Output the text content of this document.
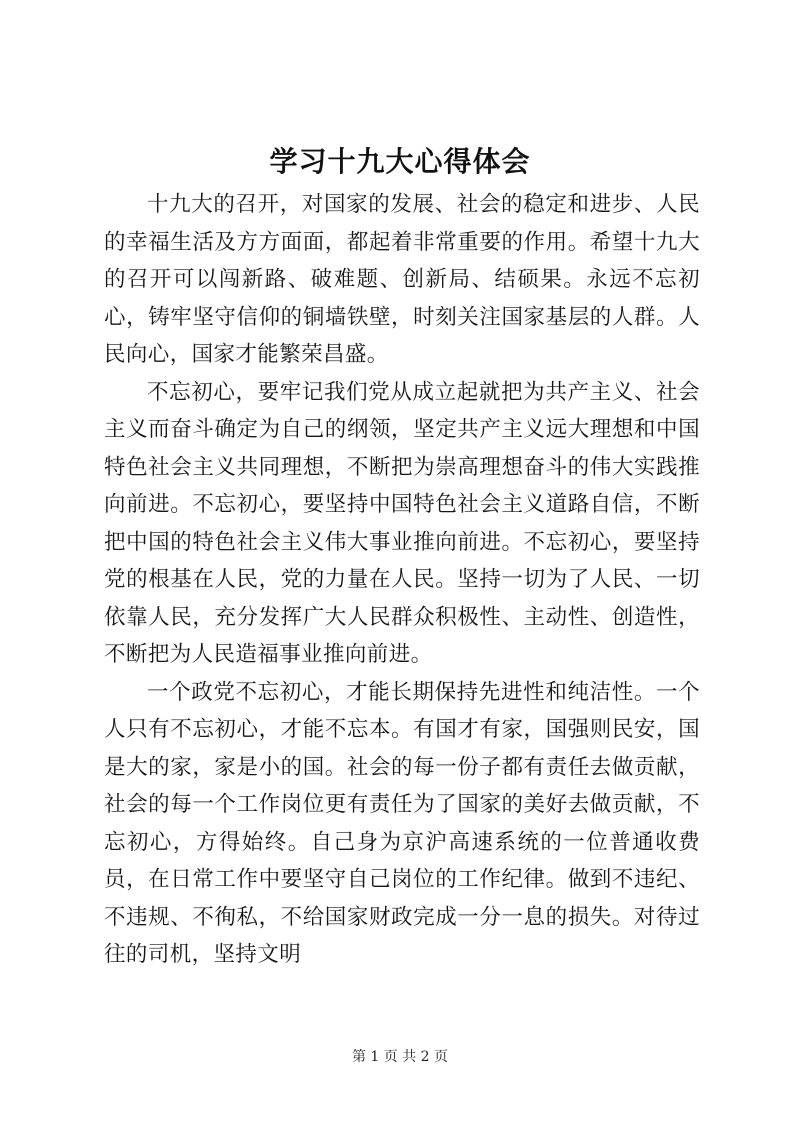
学习十九大心得体会

十九大的召开，对国家的发展、社会的稳定和进步、人民的幸福生活及方方面面，都起着非常重要的作用。希望十九大的召开可以闯新路、破难题、创新局、结硕果。永远不忘初心，铸牢坚守信仰的铜墙铁壁，时刻关注国家基层的人群。人民向心，国家才能繁荣昌盛。

不忘初心，要牢记我们党从成立起就把为共产主义、社会主义而奋斗确定为自己的纲领，坚定共产主义远大理想和中国特色社会主义共同理想，不断把为崇高理想奋斗的伟大实践推向前进。不忘初心，要坚持中国特色社会主义道路自信，不断把中国的特色社会主义伟大事业推向前进。不忘初心，要坚持党的根基在人民，党的力量在人民。坚持一切为了人民、一切依靠人民，充分发挥广大人民群众积极性、主动性、创造性，不断把为人民造福事业推向前进。

一个政党不忘初心，才能长期保持先进性和纯洁性。一个人只有不忘初心，才能不忘本。有国才有家，国强则民安，国是大的家，家是小的国。社会的每一份子都有责任去做贡献，社会的每一个工作岗位更有责任为了国家的美好去做贡献，不忘初心，方得始终。自己身为京沪高速系统的一位普通收费员，在日常工作中要坚守自己岗位的工作纪律。做到不违纪、不违规、不徇私，不给国家财政完成一分一息的损失。对待过往的司机，坚持文明

第 1 页 共 2 页
